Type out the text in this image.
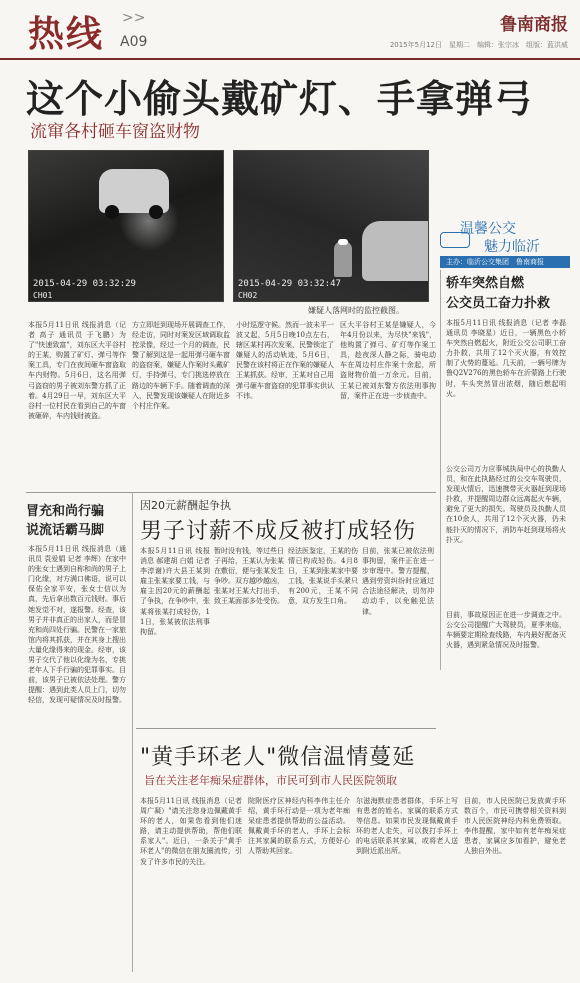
热线 >>
A09
鲁南商报
2015年5月12日　星期二　编辑：张宗冰　组版：蓝洪威
这个小偷头戴矿灯、手拿弹弓
流窜各村砸车窗盗财物
2015-04-29 03:32:29
CH01
2015-04-29 03:32:47
CH02
嫌疑人落网时的监控截图。
温馨公交
魅力临沂
主办：临沂公交集团　鲁南商报
轿车突然自燃
公交员工奋力扑救
本报5月11日讯 线报消息（记者 高子 通讯员 于飞鹏）为了"快速致富"，刘东区大平谷村的王某，购置了矿灯、弹弓等作案工具，专门在夜间砸车窗盗取车内财物。5月6日，这名用弹弓盗窃的男子被刘东警方抓了正着。4月29日一早，刘东区大平谷村一位村民在看到自己的车窗被砸碎，车内钱财被盗。
方立即赶到现场开展调查工作，经走访，同时对案发区域调取监控录像，经过一个月的调查，民警了解到这是一起用弹弓砸车窗的盗窃案，嫌疑人作案时头戴矿灯，手持弹弓，专门挑选停放在路边的车辆下手。随着调查的深入，民警发现该嫌疑人在附近多个村庄作案。
小时巡逻守候。然而一波未平一波又起，5月5日晚10点左右，辖区某村再次发案，民警锁定了嫌疑人的活动轨迹，5月6日，民警在该村将正在作案的嫌疑人王某抓获。经审，王某对自己用弹弓砸车窗盗窃的犯罪事实供认不讳。
区大平谷村王某是嫌疑人，今年4月份以来，为尽快"来钱"，他购置了弹弓、矿灯等作案工具，趁夜深人静之际，骑电动车在周边村庄作案十余起，所盗财物价值一万余元。目前，王某已被刘东警方依法刑事拘留，案件正在进一步侦查中。
本报5月11日讯 线报消息（记者 李磊 通讯员 李晓星）近日，一辆黑色小轿车突然自燃起火，附近公交公司职工奋力扑救，共用了12个灭火器，有效控制了火势的蔓延。几天前，一辆号牌为鲁Q2V276的黑色轿车在沂蒙路上行驶时，车头突然冒出浓烟，随后燃起明火。
公交公司万力应事城执局中心的执勤人员，和在此执路经过的公交车驾驶员，发现火情后，迅速携带灭火器赶到现场扑救，并提醒周边群众远离起火车辆，避免了更大的损失。驾驶员及执勤人员在10余人，共用了12个灭火器，仍未能扑灭的情况下，消防车赶到现场将火扑灭。
目前，事故原因正在进一步调查之中。公交公司提醒广大驾驶员，夏季来临，车辆要定期检查线路，车内最好配备灭火器，遇到紧急情况及时报警。
冒充和尚行骗
说流话霸马脚
本报5月11日讯 线报消息（通讯员 袁爱娟 记者 李辉）在家中的张女士遇到自称和尚的男子上门化缘，对方满口佛语，说可以保佑全家平安，张女士信以为真，先后拿出数百元钱财。事后她发觉不对，遂报警。经查，该男子并非真正的出家人，而是冒充和尚四处行骗。民警在一家旅馆内将其抓获，并在其身上搜出大量化缘得来的现金。经审，该男子交代了他以化缘为名，专挑老年人下手行骗的犯罪事实。目前，该男子已被依法处理。警方提醒：遇到此类人员上门，切勿轻信，发现可疑情况及时报警。
因20元薪酬起争执
男子讨薪不成反被打成轻伤
本报5月11日讯 线报消息 郝建胡 白娟 记者 李淳谢)许大县王某到雇主张某家要工钱，与雇主因20元的薪酬起了争执，在争吵中，张某将张某打成轻伤，11日，张某被依法刑事拘留。
暂时没有钱，等过些日子再给，王某认为张某在敷衍，便与张某发生争吵。双方越吵越凶，张某对王某大打出手，致王某面部多处受伤。
经法医鉴定，王某的伤情已构成轻伤。4月8日，王某到张某家中要工钱，张某说手头紧只有200元，王某不同意，双方发生口角。
目前，张某已被依法刑事拘留，案件正在进一步审理中。警方提醒，遇到劳资纠纷时应通过合法途径解决，切勿冲动动手，以免触犯法律。
"黄手环老人"微信温情蔓延
旨在关注老年痴呆症群体，市民可到市人民医院领取
本报5月11日讯 线报消息（记者 周广凝）"请关注您身边佩戴黄手环的老人，如果您看到他们迷路，请主动提供帮助，帮他们联系家人"。近日，一条关于"黄手环老人"的微信在朋友圈流传，引发了许多市民的关注。
院附医疗区神经内科李伟主任介绍，黄手环行动是一项为老年痴呆症患者提供帮助的公益活动。佩戴黄手环的老人，手环上会标注其家属的联系方式，方便好心人帮助其回家。
尔滋海默症患者群体，手环上写有患者的姓名、家属的联系方式等信息。如果市民发现佩戴黄手环的老人走失，可以拨打手环上的电话联系其家属，或将老人送到附近派出所。
目前，市人民医院已发放黄手环数百个，市民可携带相关资料到市人民医院神经内科免费领取。李伟提醒，家中如有老年痴呆症患者，家属应多加看护，避免老人独自外出。
